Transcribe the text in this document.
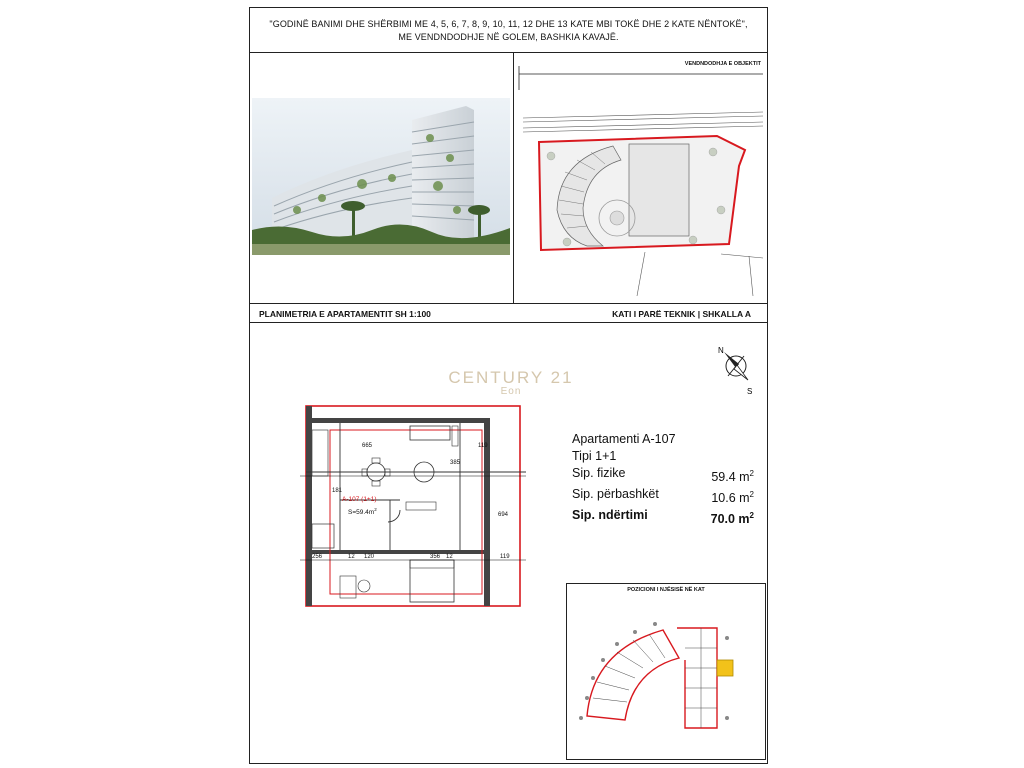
"GODINË BANIMI DHE SHËRBIMI ME 4, 5, 6, 7, 8, 9, 10, 11, 12 DHE 13 KATE MBI TOKË DHE 2 KATE NËNTOKË",
ME VENDNDODHJE NË GOLEM, BASHKIA KAVAJË.
VENDNDODHJA E OBJEKTIT
PLANIMETRIA E APARTAMENTIT SH 1:100	KATI I PARË TEKNIK | SHKALLA A
N
S
CENTURY 21
Eon
A-107 (1+1)
$S=59.4m^2$
665	119
385
181
694
256	12 120	356 12	119
Apartamenti A-107
Tipi 1+1
Sip. fizike	59.4 $m^2$
Sip. përbashkët	10.6 $m^2$
Sip. ndërtimi	70.0 $m^2$
POZICIONI I NJËSISË NË KAT
